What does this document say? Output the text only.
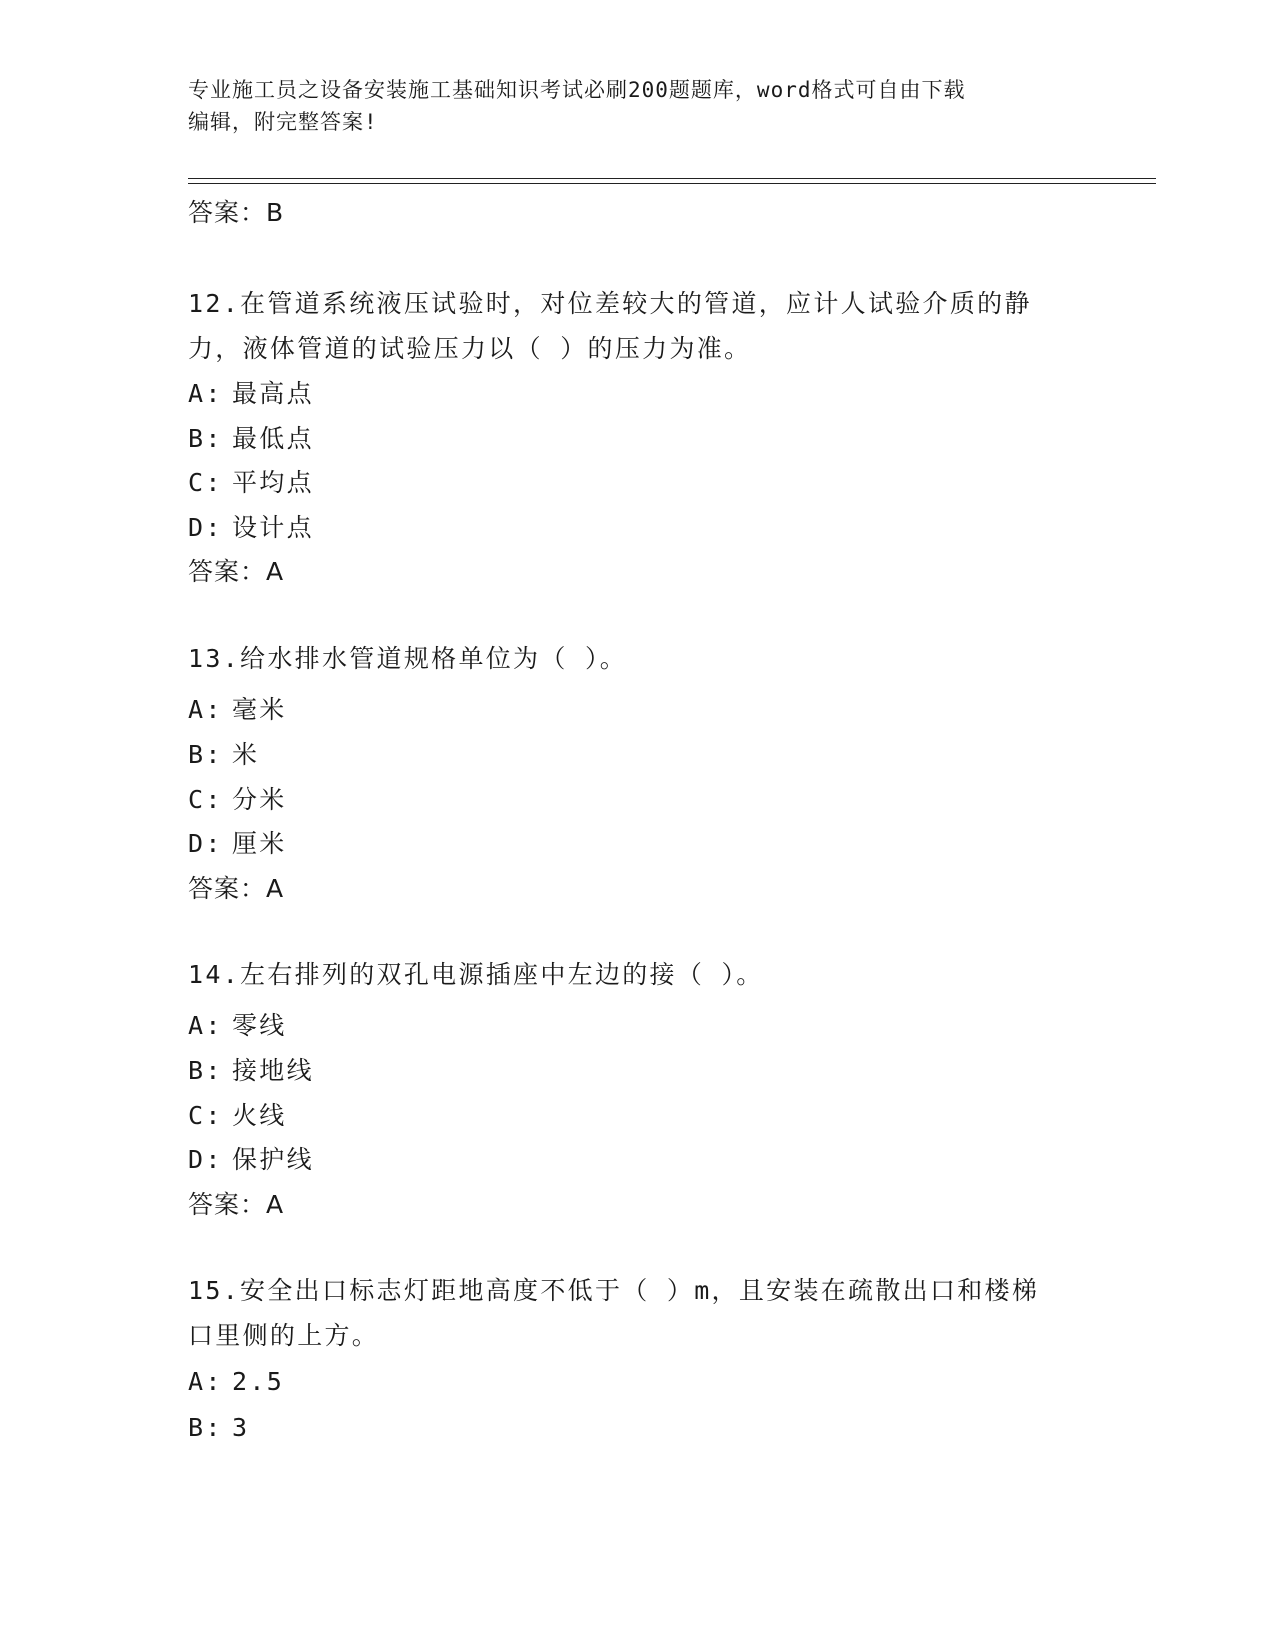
专业施工员之设备安装施工基础知识考试必刷200题题库，word格式可自由下载
编辑，附完整答案!
答案：B
12.在管道系统液压试验时，对位差较大的管道，应计人试验介质的静
力，液体管道的试验压力以（ ）的压力为准。
A: 最高点
B: 最低点
C: 平均点
D: 设计点
答案：A
13.给水排水管道规格单位为（ ）。
A: 毫米
B: 米
C: 分米
D: 厘米
答案：A
14.左右排列的双孔电源插座中左边的接（ ）。
A: 零线
B: 接地线
C: 火线
D: 保护线
答案：A
15.安全出口标志灯距地高度不低于（ ）m，且安装在疏散出口和楼梯
口里侧的上方。
A: 2.5
B: 3
